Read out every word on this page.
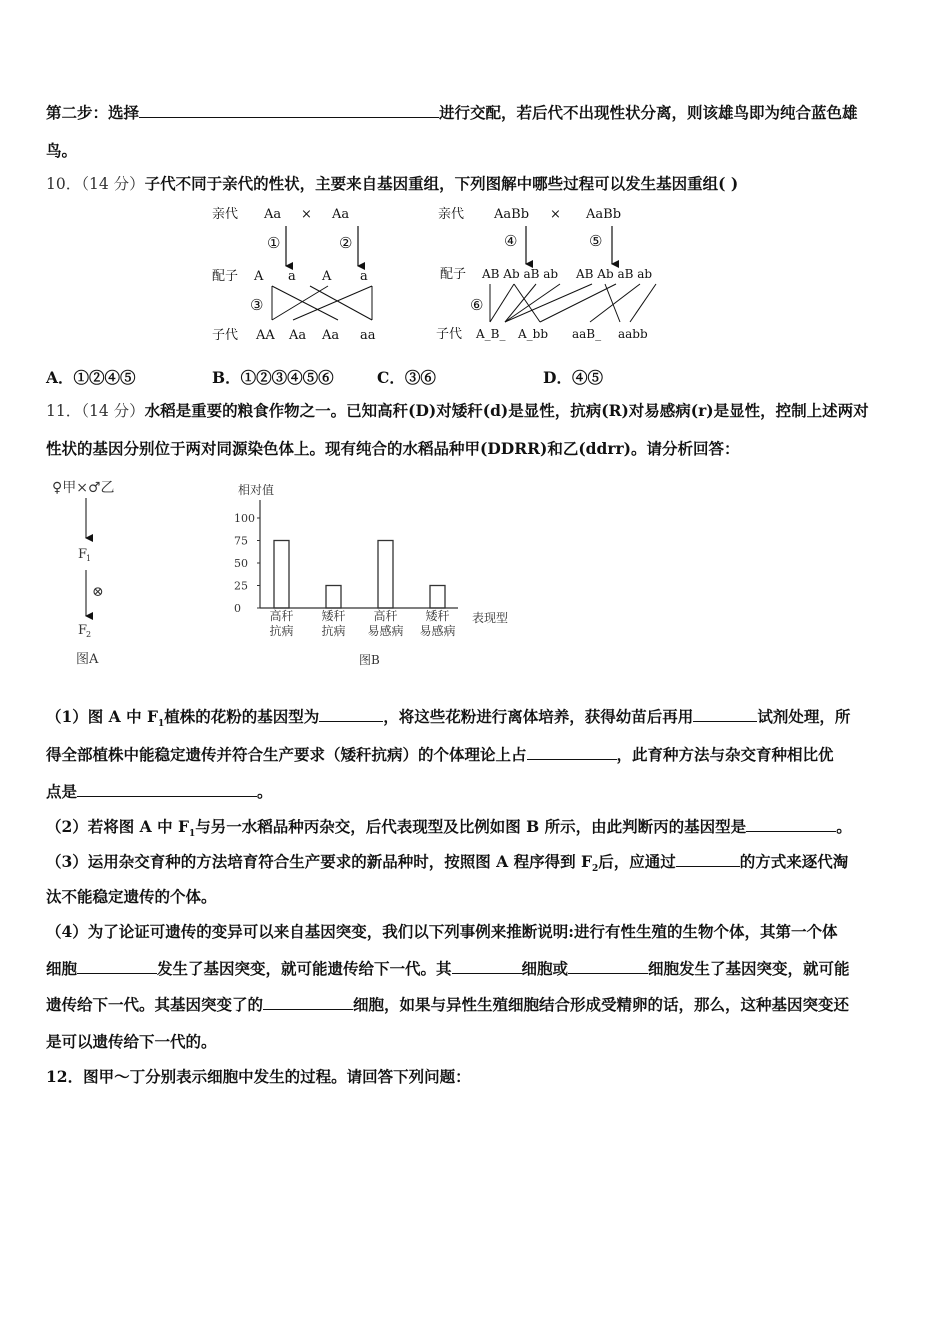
第二步：选择	进行交配，若后代不出现性状分离，则该雄鸟即为纯合蓝色雄
鸟。
10．（14 分）子代不同于亲代的性状，主要来自基因重组，下列图解中哪些过程可以发生基因重组( )
亲代 Aa × Aa
①	②
配子 A a A a
③
子代 AA Aa Aa aa
亲代 AaBb × AaBb
④	⑤
配子 AB Ab aB ab AB Ab aB ab
⑥
子代 A_B_ A_bb aaB_ aabb
A．①②④⑤	B．①②③④⑤⑥	C．③⑥	D．④⑤
11．（14 分）水稻是重要的粮食作物之一。已知高秆(D)对矮秆(d)是显性，抗病(R)对易感病(r)是显性，控制上述两对
性状的基因分别位于两对同源染色体上。现有纯合的水稻品种甲(DDRR)和乙(ddrr)。请分析回答：
♀甲×♂乙
F
1
⊗
F
2
图A
相对值
表现型
图B
100
75
50
25
0
高秆
抗病
矮秆
抗病
高秆
易感病
矮秆
易感病
（1）图 A 中 $F_1$植株的花粉的基因型为	，将这些花粉进行离体培养，获得幼苗后再用	试剂处理，所
得全部植株中能稳定遗传并符合生产要求（矮秆抗病）的个体理论上占	，此育种方法与杂交育种相比优
点是	。
（2）若将图 A 中 $F_1$与另一水稻品种丙杂交，后代表现型及比例如图 B 所示，由此判断丙的基因型是	。
（3）运用杂交育种的方法培育符合生产要求的新品种时，按照图 A 程序得到 $F_2$后，应通过	的方式来逐代淘
汰不能稳定遗传的个体。
（4）为了论证可遗传的变异可以来自基因突变，我们以下列事例来推断说明:进行有性生殖的生物个体，其第一个体
细胞	发生了基因突变，就可能遗传给下一代。其	细胞或	细胞发生了基因突变，就可能
遗传给下一代。其基因突变了的	细胞，如果与异性生殖细胞结合形成受精卵的话，那么，这种基因突变还
是可以遗传给下一代的。
12．图甲～丁分别表示细胞中发生的过程。请回答下列问题：
